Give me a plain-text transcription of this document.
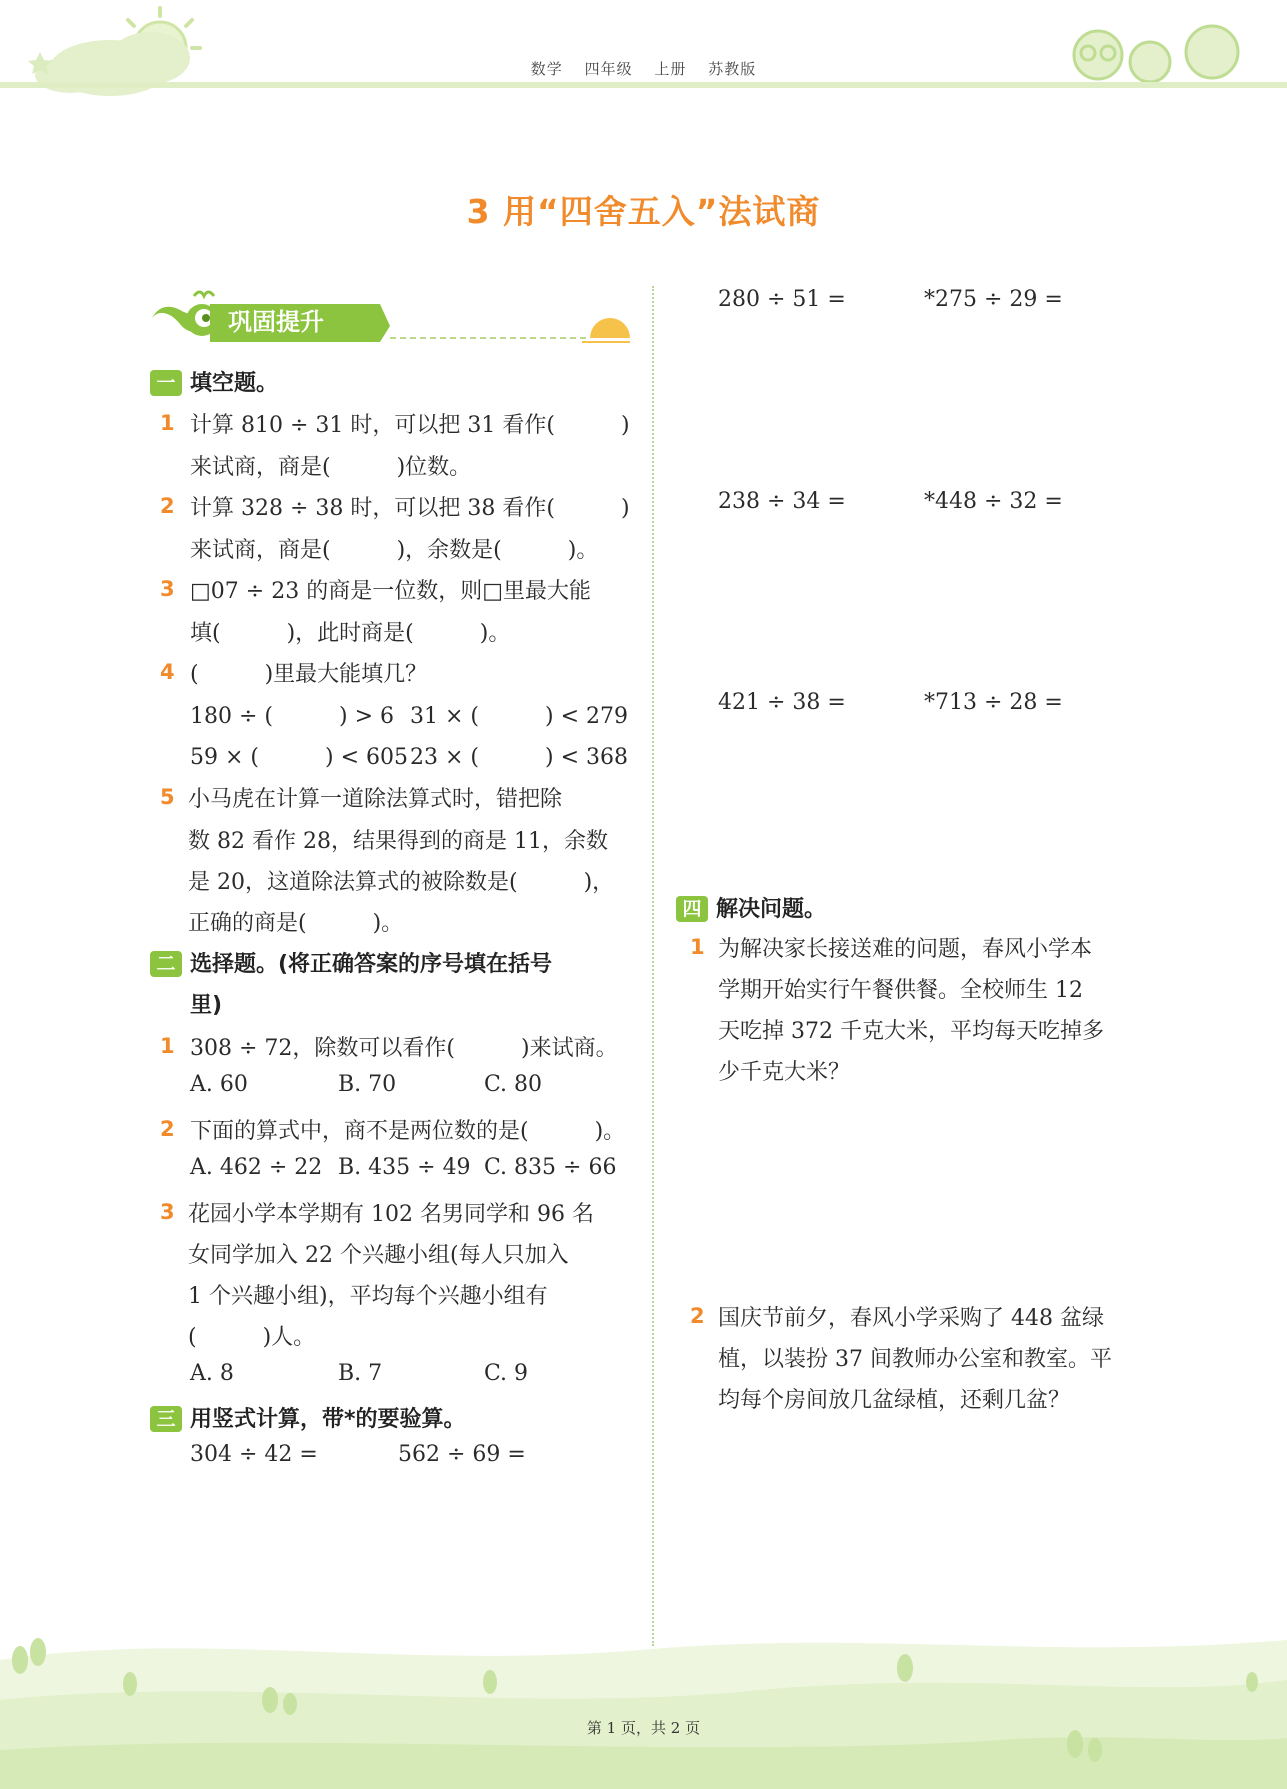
数学 四年级 上册 苏教版
3 用“四舍五入”法试商
巩固提升
一 填空题。
1 计算 810 ÷ 31 时，可以把 31 看作(　　　)
来试商，商是(　　　)位数。
2 计算 328 ÷ 38 时，可以把 38 看作(　　　)
来试商，商是(　　　)，余数是(　　　)。
3 □07 ÷ 23 的商是一位数，则□里最大能
填(　　　)，此时商是(　　　)。
4 (　　　)里最大能填几？
180 ÷ (　　　) > 6 31 × (　　　) < 279
59 × (　　　) < 605 23 × (　　　) < 368
5 小马虎在计算一道除法算式时，错把除
数 82 看作 28，结果得到的商是 11，余数
是 20，这道除法算式的被除数是(　　　)，
正确的商是(　　　)。
二 选择题。(将正确答案的序号填在括号
里)
1 308 ÷ 72，除数可以看作(　　　)来试商。
A. 60	B. 70	C. 80
2 下面的算式中，商不是两位数的是(　　　)。
A. 462 ÷ 22 B. 435 ÷ 49 C. 835 ÷ 66
3 花园小学本学期有 102 名男同学和 96 名
女同学加入 22 个兴趣小组(每人只加入
1 个兴趣小组)，平均每个兴趣小组有
(　　　)人。
A. 8	B. 7	C. 9
三 用竖式计算，带*的要验算。
304 ÷ 42 =	562 ÷ 69 =
280 ÷ 51 =	*275 ÷ 29 =
238 ÷ 34 =	*448 ÷ 32 =
421 ÷ 38 =	*713 ÷ 28 =
四 解决问题。
1 为解决家长接送难的问题，春风小学本
学期开始实行午餐供餐。全校师生 12
天吃掉 372 千克大米，平均每天吃掉多
少千克大米？
2 国庆节前夕，春风小学采购了 448 盆绿
植，以装扮 37 间教师办公室和教室。平
均每个房间放几盆绿植，还剩几盆？
第 1 页，共 2 页
